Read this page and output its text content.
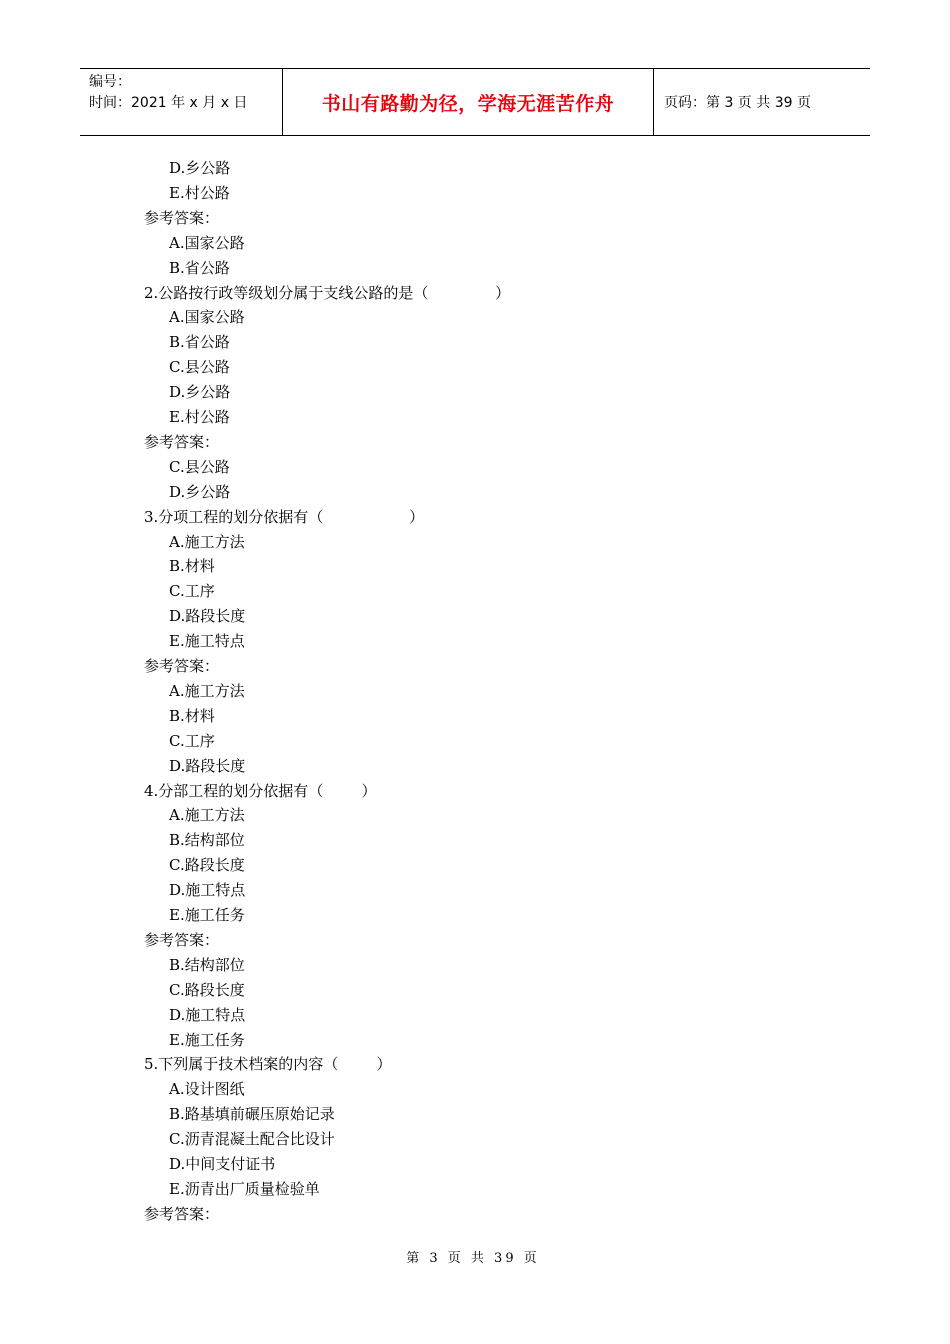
编号：
时间：2021 年 x 月 x 日	书山有路勤为径，学海无涯苦作舟	页码：第 3 页 共 39 页
D.乡公路
E.村公路
参考答案：
A.国家公路
B.省公路
2.公路按行政等级划分属于支线公路的是（              ）
A.国家公路
B.省公路
C.县公路
D.乡公路
E.村公路
参考答案：
C.县公路
D.乡公路
3.分项工程的划分依据有（                  ）
A.施工方法
B.材料
C.工序
D.路段长度
E.施工特点
参考答案：
A.施工方法
B.材料
C.工序
D.路段长度
4.分部工程的划分依据有（        ）
A.施工方法
B.结构部位
C.路段长度
D.施工特点
E.施工任务
参考答案：
B.结构部位
C.路段长度
D.施工特点
E.施工任务
5.下列属于技术档案的内容（        ）
A.设计图纸
B.路基填前碾压原始记录
C.沥青混凝土配合比设计
D.中间支付证书
E.沥青出厂质量检验单
参考答案：
第 3 页 共 39 页
